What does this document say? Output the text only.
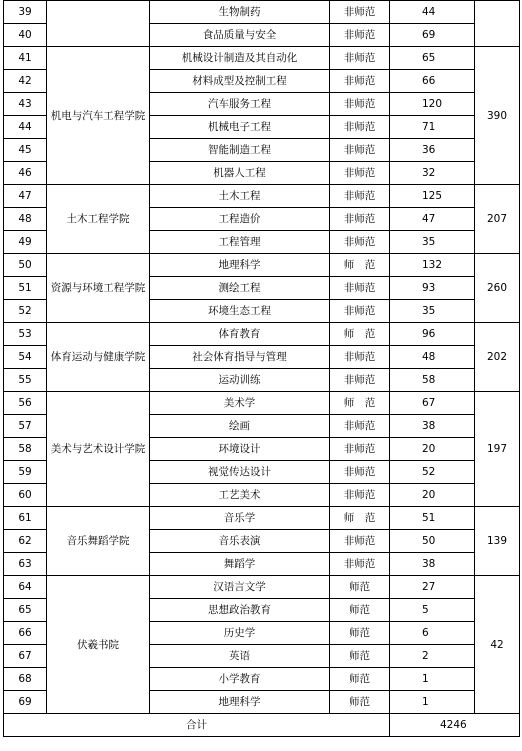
39		生物制药	非师范	44	
40		食品质量与安全	非师范	69	
41	机电与汽车工程学院	机械设计制造及其自动化	非师范	65	390
42		材料成型及控制工程	非师范	66	
43		汽车服务工程	非师范	120	
44		机械电子工程	非师范	71	
45		智能制造工程	非师范	36	
46		机器人工程	非师范	32	
47	土木工程学院	土木工程	非师范	125	207
48		工程造价	非师范	47	
49		工程管理	非师范	35	
50	资源与环境工程学院	地理科学	师　范	132	260
51		测绘工程	非师范	93	
52		环境生态工程	非师范	35	
53	体育运动与健康学院	体育教育	师　范	96	202
54		社会体育指导与管理	非师范	48	
55		运动训练	非师范	58	
56	美术与艺术设计学院	美术学	师　范	67	197
57		绘画	非师范	38	
58		环境设计	非师范	20	
59		视觉传达设计	非师范	52	
60		工艺美术	非师范	20	
61	音乐舞蹈学院	音乐学	师　范	51	139
62		音乐表演	非师范	50	
63		舞蹈学	非师范	38	
64	伏羲书院	汉语言文学	师范	27	42
65		思想政治教育	师范	5	
66		历史学	师范	6	
67		英语	师范	2	
68		小学教育	师范	1	
69		地理科学	师范	1	
合计				4246	
